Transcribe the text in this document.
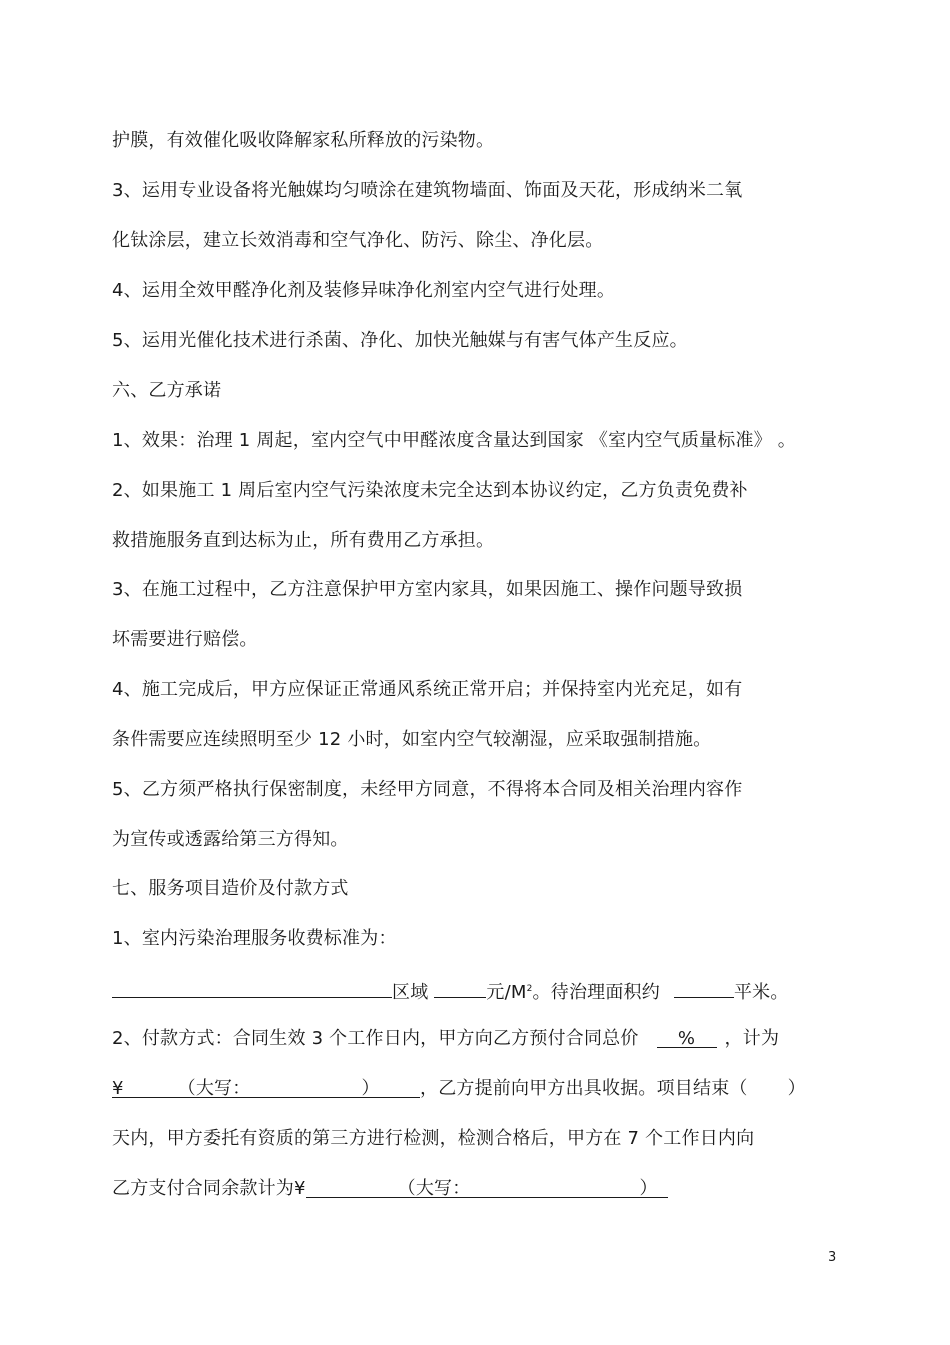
护膜，有效催化吸收降解家私所释放的污染物。
3、运用专业设备将光触媒均匀喷涂在建筑物墙面、饰面及天花，形成纳米二氧
化钛涂层，建立长效消毒和空气净化、防污、除尘、净化层。
4、运用全效甲醛净化剂及装修异味净化剂室内空气进行处理。
5、运用光催化技术进行杀菌、净化、加快光触媒与有害气体产生反应。
六、乙方承诺
1、效果：治理 1 周起，室内空气中甲醛浓度含量达到国家 《室内空气质量标准》 。
2、如果施工 1 周后室内空气污染浓度未完全达到本协议约定，乙方负责免费补
救措施服务直到达标为止，所有费用乙方承担。
3、在施工过程中，乙方注意保护甲方室内家具，如果因施工、操作问题导致损
坏需要进行赔偿。
4、施工完成后，甲方应保证正常通风系统正常开启；并保持室内光充足，如有
条件需要应连续照明至少 12 小时，如室内空气较潮湿，应采取强制措施。
5、乙方须严格执行保密制度，未经甲方同意，不得将本合同及相关治理内容作
为宣传或透露给第三方得知。
七、服务项目造价及付款方式
1、室内污染治理服务收费标准为：
区域	元$/M^2$。待治理面积约	平米。
2、付款方式：合同生效 3 个工作日内，甲方向乙方预付合同总价 % ，计为
¥	（大写：	） ，乙方提前向甲方出具收据。项目结束（ ）
天内，甲方委托有资质的第三方进行检测，检测合格后，甲方在 7 个工作日内向
乙方支付合同余款计为¥	（大写：	）
3
